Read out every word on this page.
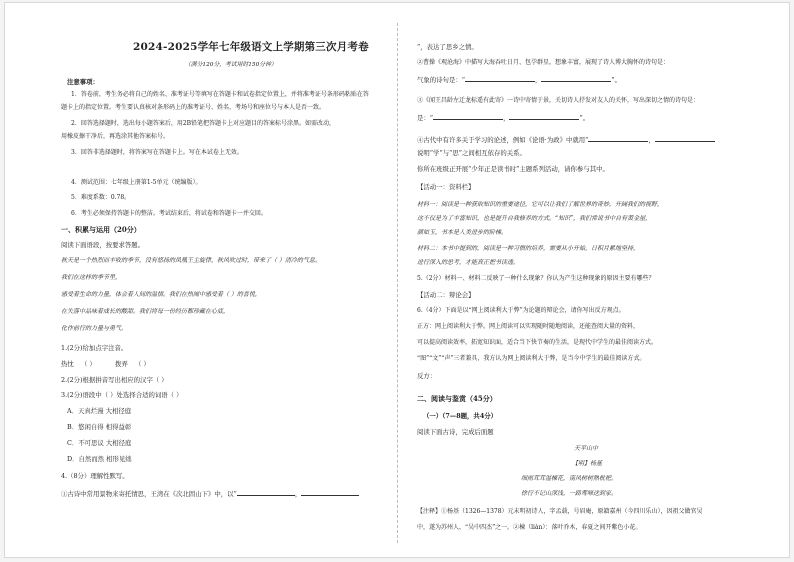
2024-2025学年七年级语文上学期第三次月考卷
（满分120分，考试用时150分钟）
注意事项：
1．答卷前，考生务必将自己的姓名、准考证号等填写在答题卡和试卷指定位置上，并将准考证号条形码粘贴在答
题卡上的指定位置。考生要认真核对条形码上的准考证号、姓名、考场号和座位号与本人是否一致。
2．回答选择题时，选出每小题答案后，用2B铅笔把答题卡上对应题目的答案标号涂黑。如需改动，
用橡皮擦干净后，再选涂其他答案标号。
3．回答非选择题时，将答案写在答题卡上。写在本试卷上无效。
4．测试范围：七年级上册第1-5单元（统编版）。
5．难度系数：0.78。
6．考生必须保持答题卡的整洁。考试结束后，将试卷和答题卡一并交回。
一、积累与运用（20分）
阅读下面语段，按要求答题。
秋天是一个热烈而丰收的季节，没有悠扬的凤凰王主旋律，秋风吹过时，带来了（ ）清冷的气息。
我们在这样的季节里，
感受着生命的力量，体会着人间的温情。我们在热闹中感受着（ ）的喜悦，
在失落中品味着成长的酸甜。我们将每一份经历都珍藏在心底，
化作前行的力量与勇气。
1.(2分)给加点字注音。
热忱 （ ）	拨弄 （ ）
2.(2分)根据拼音写出相应的汉字（ ）
3.(2分)语段中（ ）处选择合适的词语（ ）
A．天真烂漫 大相径庭
B．悠闲自得 相得益彰
C．不可思议 大相径庭
D．自然而然 相形见绌
4.（8分）理解性默写。
①古诗中常用景物来寄托情思，王湾在《次北固山下》中，以“	，
”，表达了思乡之情。
②曹操《观沧海》中描写大海吞吐日月、包孕群星，想象丰富，展现了诗人博大胸怀的诗句是：
气象的诗句是：“	，	”。
③《闻王昌龄左迁龙标遥有此寄》一诗中寄情于景，关切诗人抒发对友人的关怀，写出深切之情的诗句是：
是：“	，	”。
④古代中有许多关于学习的论述，例如《论语·为政》中就用“	，
说明“学”与“思”之间相互依存的关系。
你所在班级正开展“少年正是读书时”主题系列活动，请你参与其中。
【活动一：资料栏】
材料一：阅读是一种获取知识的重要途径，它可以让我们了解世界的奇妙，开阔我们的视野，
这不仅是为了丰富知识，也是提升自我修养的方式。“知识”，我们常说书中自有黄金屋，
颜如玉，书本是人类进步的阶梯。
材料二：本书中提到的，阅读是一种习惯的培养，需要从小开始，日积月累地坚持，
进行深入的思考，才能真正把书读透。
5.（2分）材料一、材料二反映了一种什么现象？你认为产生这种现象的原因主要有哪些？
【活动二：辩论会】
6.（4分）下面是以“网上阅读利大于弊”为论题的辩论会，请你写出反方观点。
正方：网上阅读利大于弊。网上阅读可以实现随时随地阅读，还能查阅大量的资料，
可以提高阅读效率，拓宽知识面，适合当下快节奏的生活，是现代中学生的最佳阅读方式。
“图”“文”“声”三者兼具，我方认为网上阅读利大于弊，是当今中学生的最佳阅读方式。
反方：
二、阅读与鉴赏（45分）
（一）（7—8题，共4分）
阅读下面古诗，完成后面题
天平山中
【明】杨基
细雨茸茸湿楝花，南风树树熟枇杷。
徐行不记山深浅，一路莺啼送到家。
【注释】①杨基（1326—1378）元末明初诗人，字孟载，号眉庵，原籍嘉州（今四川乐山），因祖父做官吴
中，遂为苏州人，“吴中四杰”之一。②楝（liàn）：落叶乔木，春夏之间开紫色小花。
